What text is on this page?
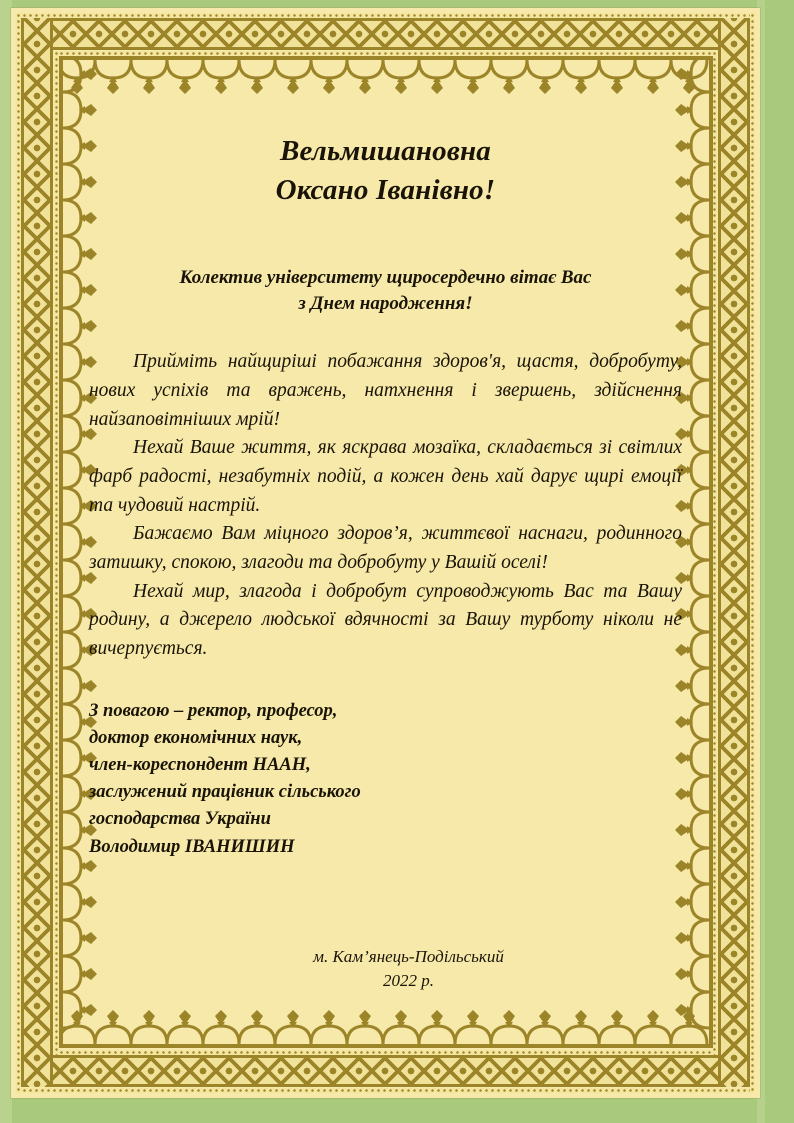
Вельмишановна
Оксано Іванівно!
Колектив університету щиросердечно вітає Вас
з Днем народження!

Прийміть найщиріші побажання здоров'я, щастя, добробуту, нових успіхів та вражень, натхнення і звершень, здійснення найзаповітніших мрій!

Нехай Ваше життя, як яскрава мозаїка, складається зі світлих фарб радості, незабутніх подій, а кожен день хай дарує щирі емоції та чудовий настрій.

Бажаємо Вам міцного здоров’я, життєвої наснаги, родинного затишку, спокою, злагоди та добробуту у Вашій оселі!

Нехай мир, злагода і добробут супроводжують Вас та Вашу родину, а джерело людської вдячності за Вашу турботу ніколи не вичерпується.

З повагою – ректор, професор,
доктор економічних наук,
член-кореспондент НААН,
заслужений працівник сільського
господарства України
Володимир ІВАНИШИН
м. Кам’янець-Подільський
2022 р.
